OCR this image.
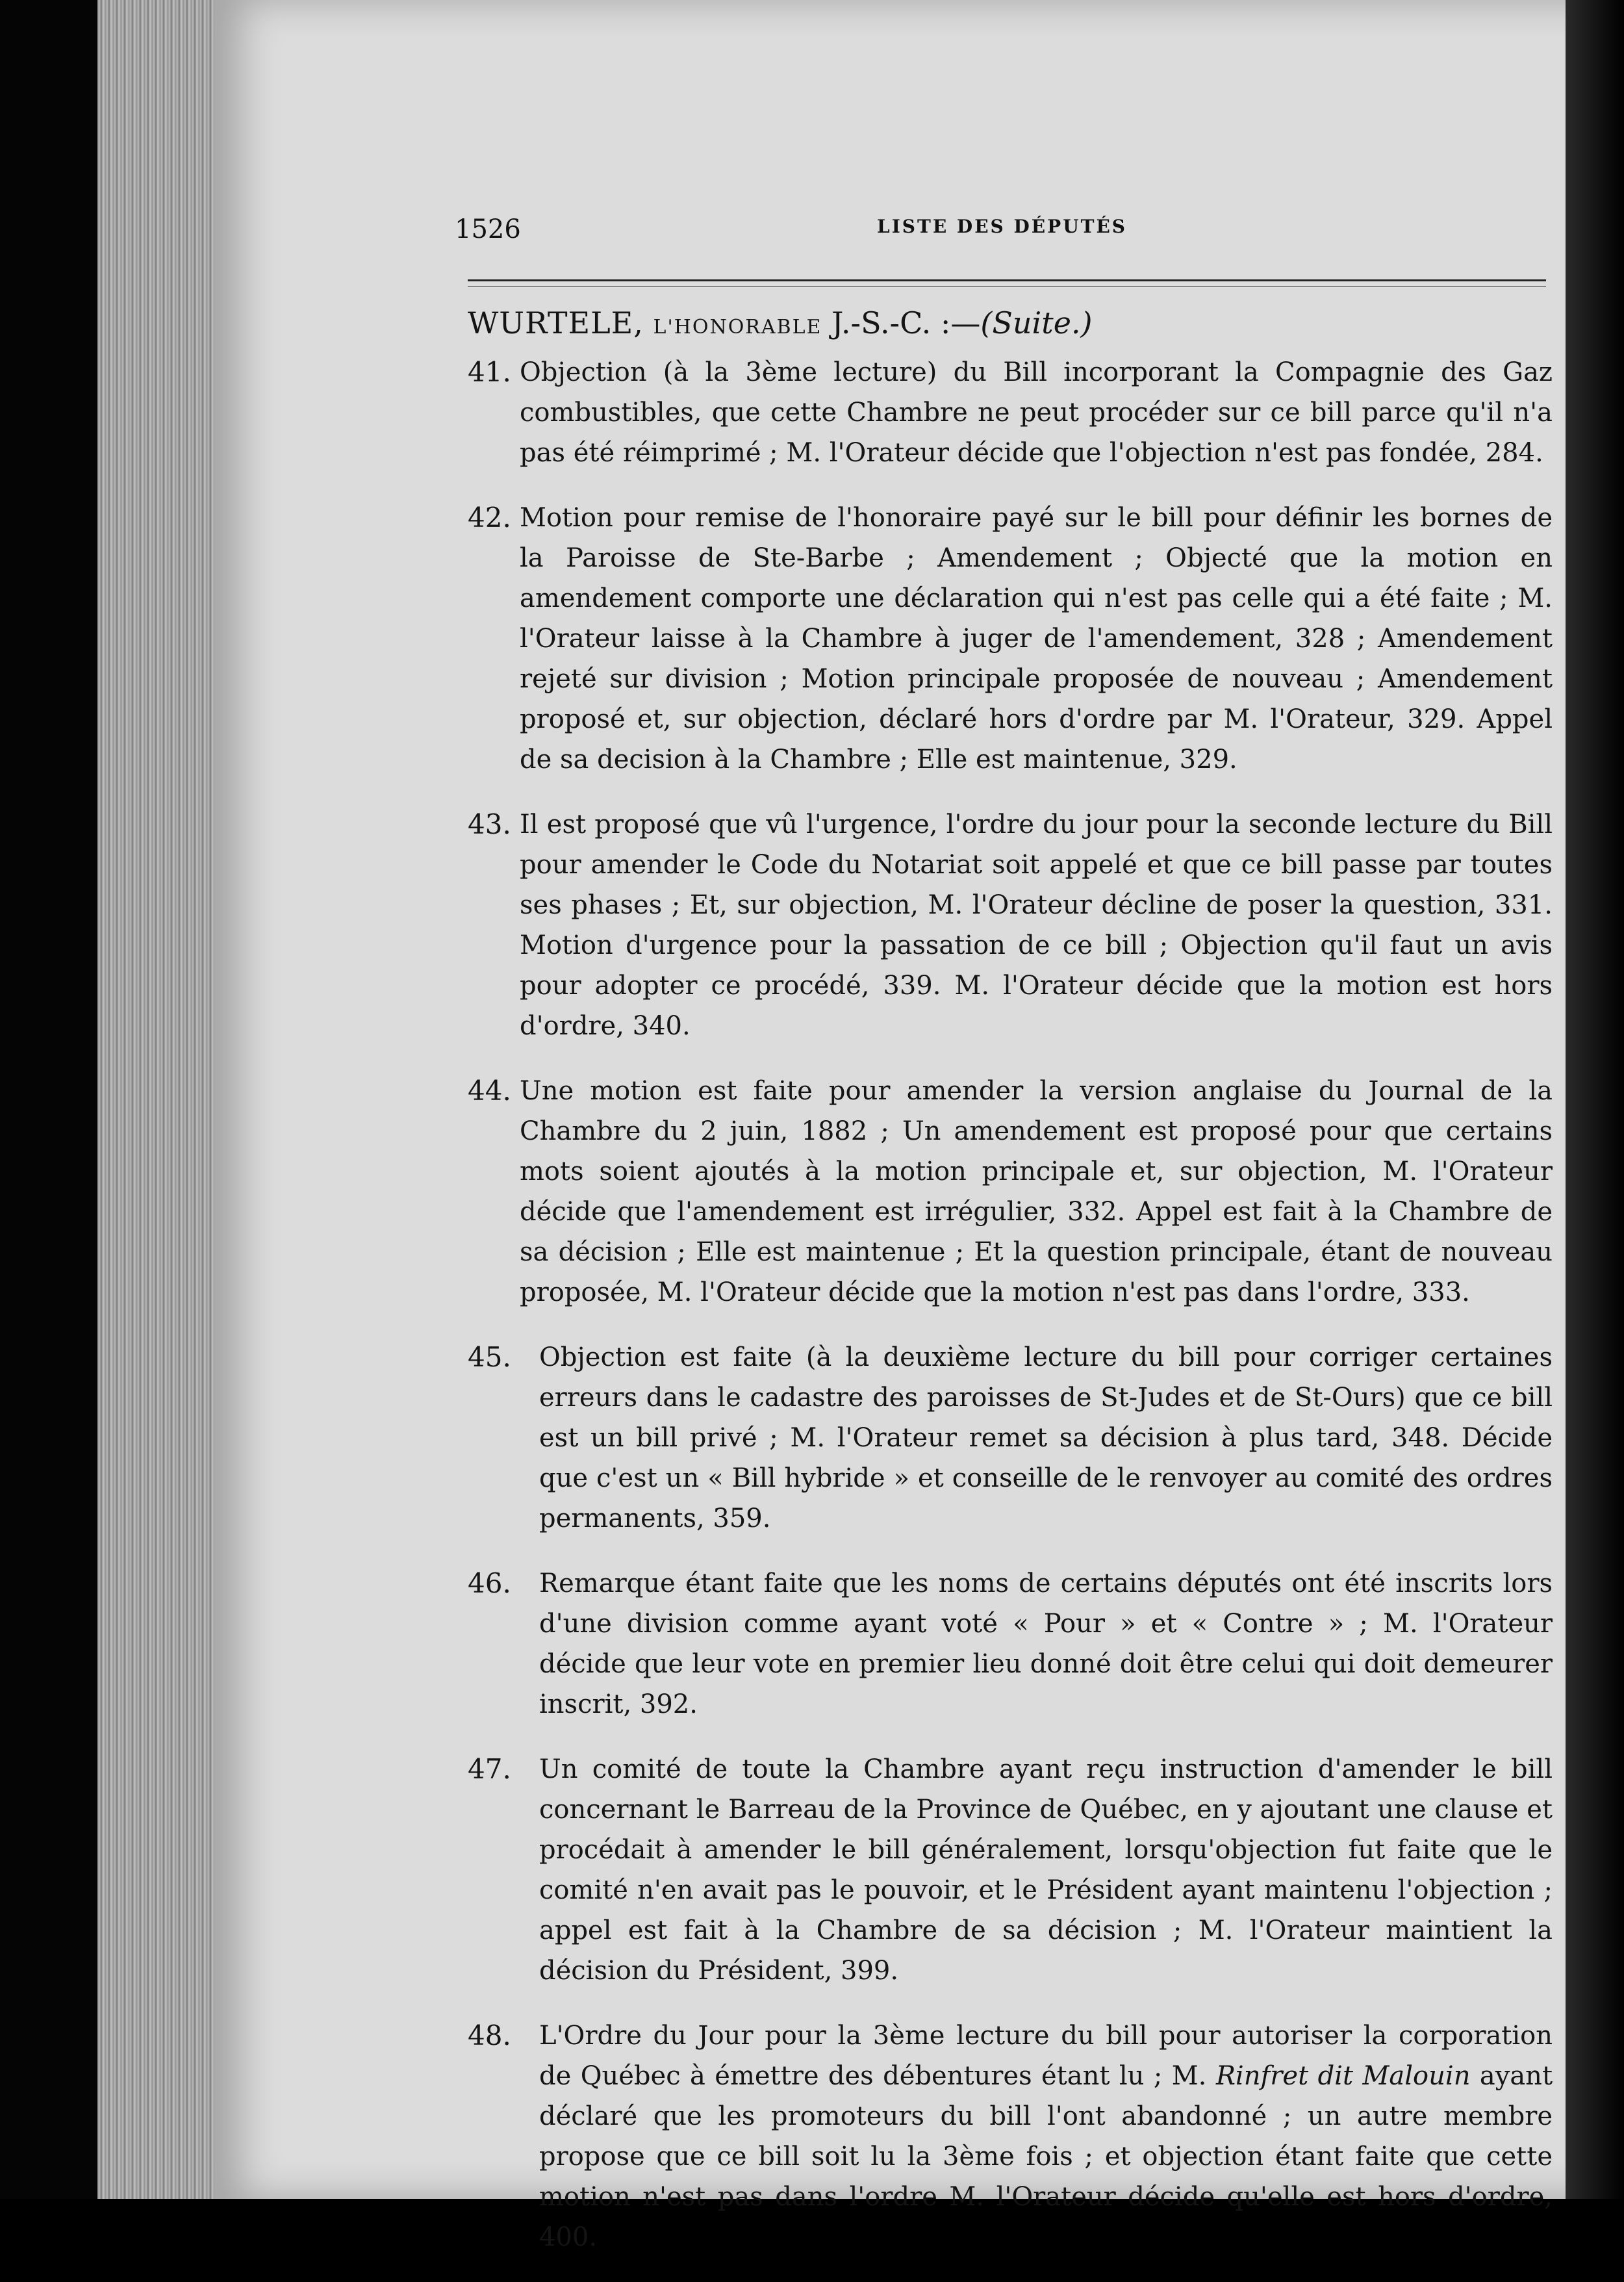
1526	LISTE DES DÉPUTÉS
WURTELE, L'HONORABLE J.-S.-C. :—(Suite.)
41. Objection (à la 3ème lecture) du Bill incorporant la Compagnie des Gaz combustibles, que cette Chambre ne peut procéder sur ce bill parce qu'il n'a pas été réimprimé ; M. l'Orateur décide que l'objection n'est pas fondée, 284.
42. Motion pour remise de l'honoraire payé sur le bill pour définir les bornes de la Paroisse de Ste-Barbe ; Amendement ; Objecté que la motion en amendement comporte une déclaration qui n'est pas celle qui a été faite ; M. l'Orateur laisse à la Chambre à juger de l'amendement, 328 ; Amendement rejeté sur division ; Motion principale proposée de nouveau ; Amendement proposé et, sur objection, déclaré hors d'ordre par M. l'Orateur, 329. Appel de sa decision à la Chambre ; Elle est maintenue, 329.
43. Il est proposé que vû l'urgence, l'ordre du jour pour la seconde lecture du Bill pour amender le Code du Notariat soit appelé et que ce bill passe par toutes ses phases ; Et, sur objection, M. l'Orateur décline de poser la question, 331. Motion d'urgence pour la passation de ce bill ; Objection qu'il faut un avis pour adopter ce procédé, 339. M. l'Orateur décide que la motion est hors d'ordre, 340.
44. Une motion est faite pour amender la version anglaise du Journal de la Chambre du 2 juin, 1882 ; Un amendement est proposé pour que certains mots soient ajoutés à la motion principale et, sur objection, M. l'Orateur décide que l'amendement est irrégulier, 332. Appel est fait à la Chambre de sa décision ; Elle est maintenue ; Et la question principale, étant de nouveau proposée, M. l'Orateur décide que la motion n'est pas dans l'ordre, 333.
45.	Objection est faite (à la deuxième lecture du bill pour corriger certaines erreurs dans le cadastre des paroisses de St-Judes et de St-Ours) que ce bill est un bill privé ; M. l'Orateur remet sa décision à plus tard, 348. Décide que c'est un « Bill hybride » et conseille de le renvoyer au comité des ordres permanents, 359.
46.	Remarque étant faite que les noms de certains députés ont été inscrits lors d'une division comme ayant voté « Pour » et « Contre » ; M. l'Orateur décide que leur vote en premier lieu donné doit être celui qui doit demeurer inscrit, 392.
47.	Un comité de toute la Chambre ayant reçu instruction d'amender le bill concernant le Barreau de la Province de Québec, en y ajoutant une clause et procédait à amender le bill généralement, lorsqu'objection fut faite que le comité n'en avait pas le pouvoir, et le Président ayant maintenu l'objection ; appel est fait à la Chambre de sa décision ; M. l'Orateur maintient la décision du Président, 399.
48.	L'Ordre du Jour pour la 3ème lecture du bill pour autoriser la corporation de Québec à émettre des débentures étant lu ; M. Rinfret dit Malouin ayant déclaré que les promoteurs du bill l'ont abandonné ; un autre membre propose que ce bill soit lu la 3ème fois ; et objection étant faite que cette motion n'est pas dans l'ordre M. l'Orateur décide qu'elle est hors d'ordre, 400.
